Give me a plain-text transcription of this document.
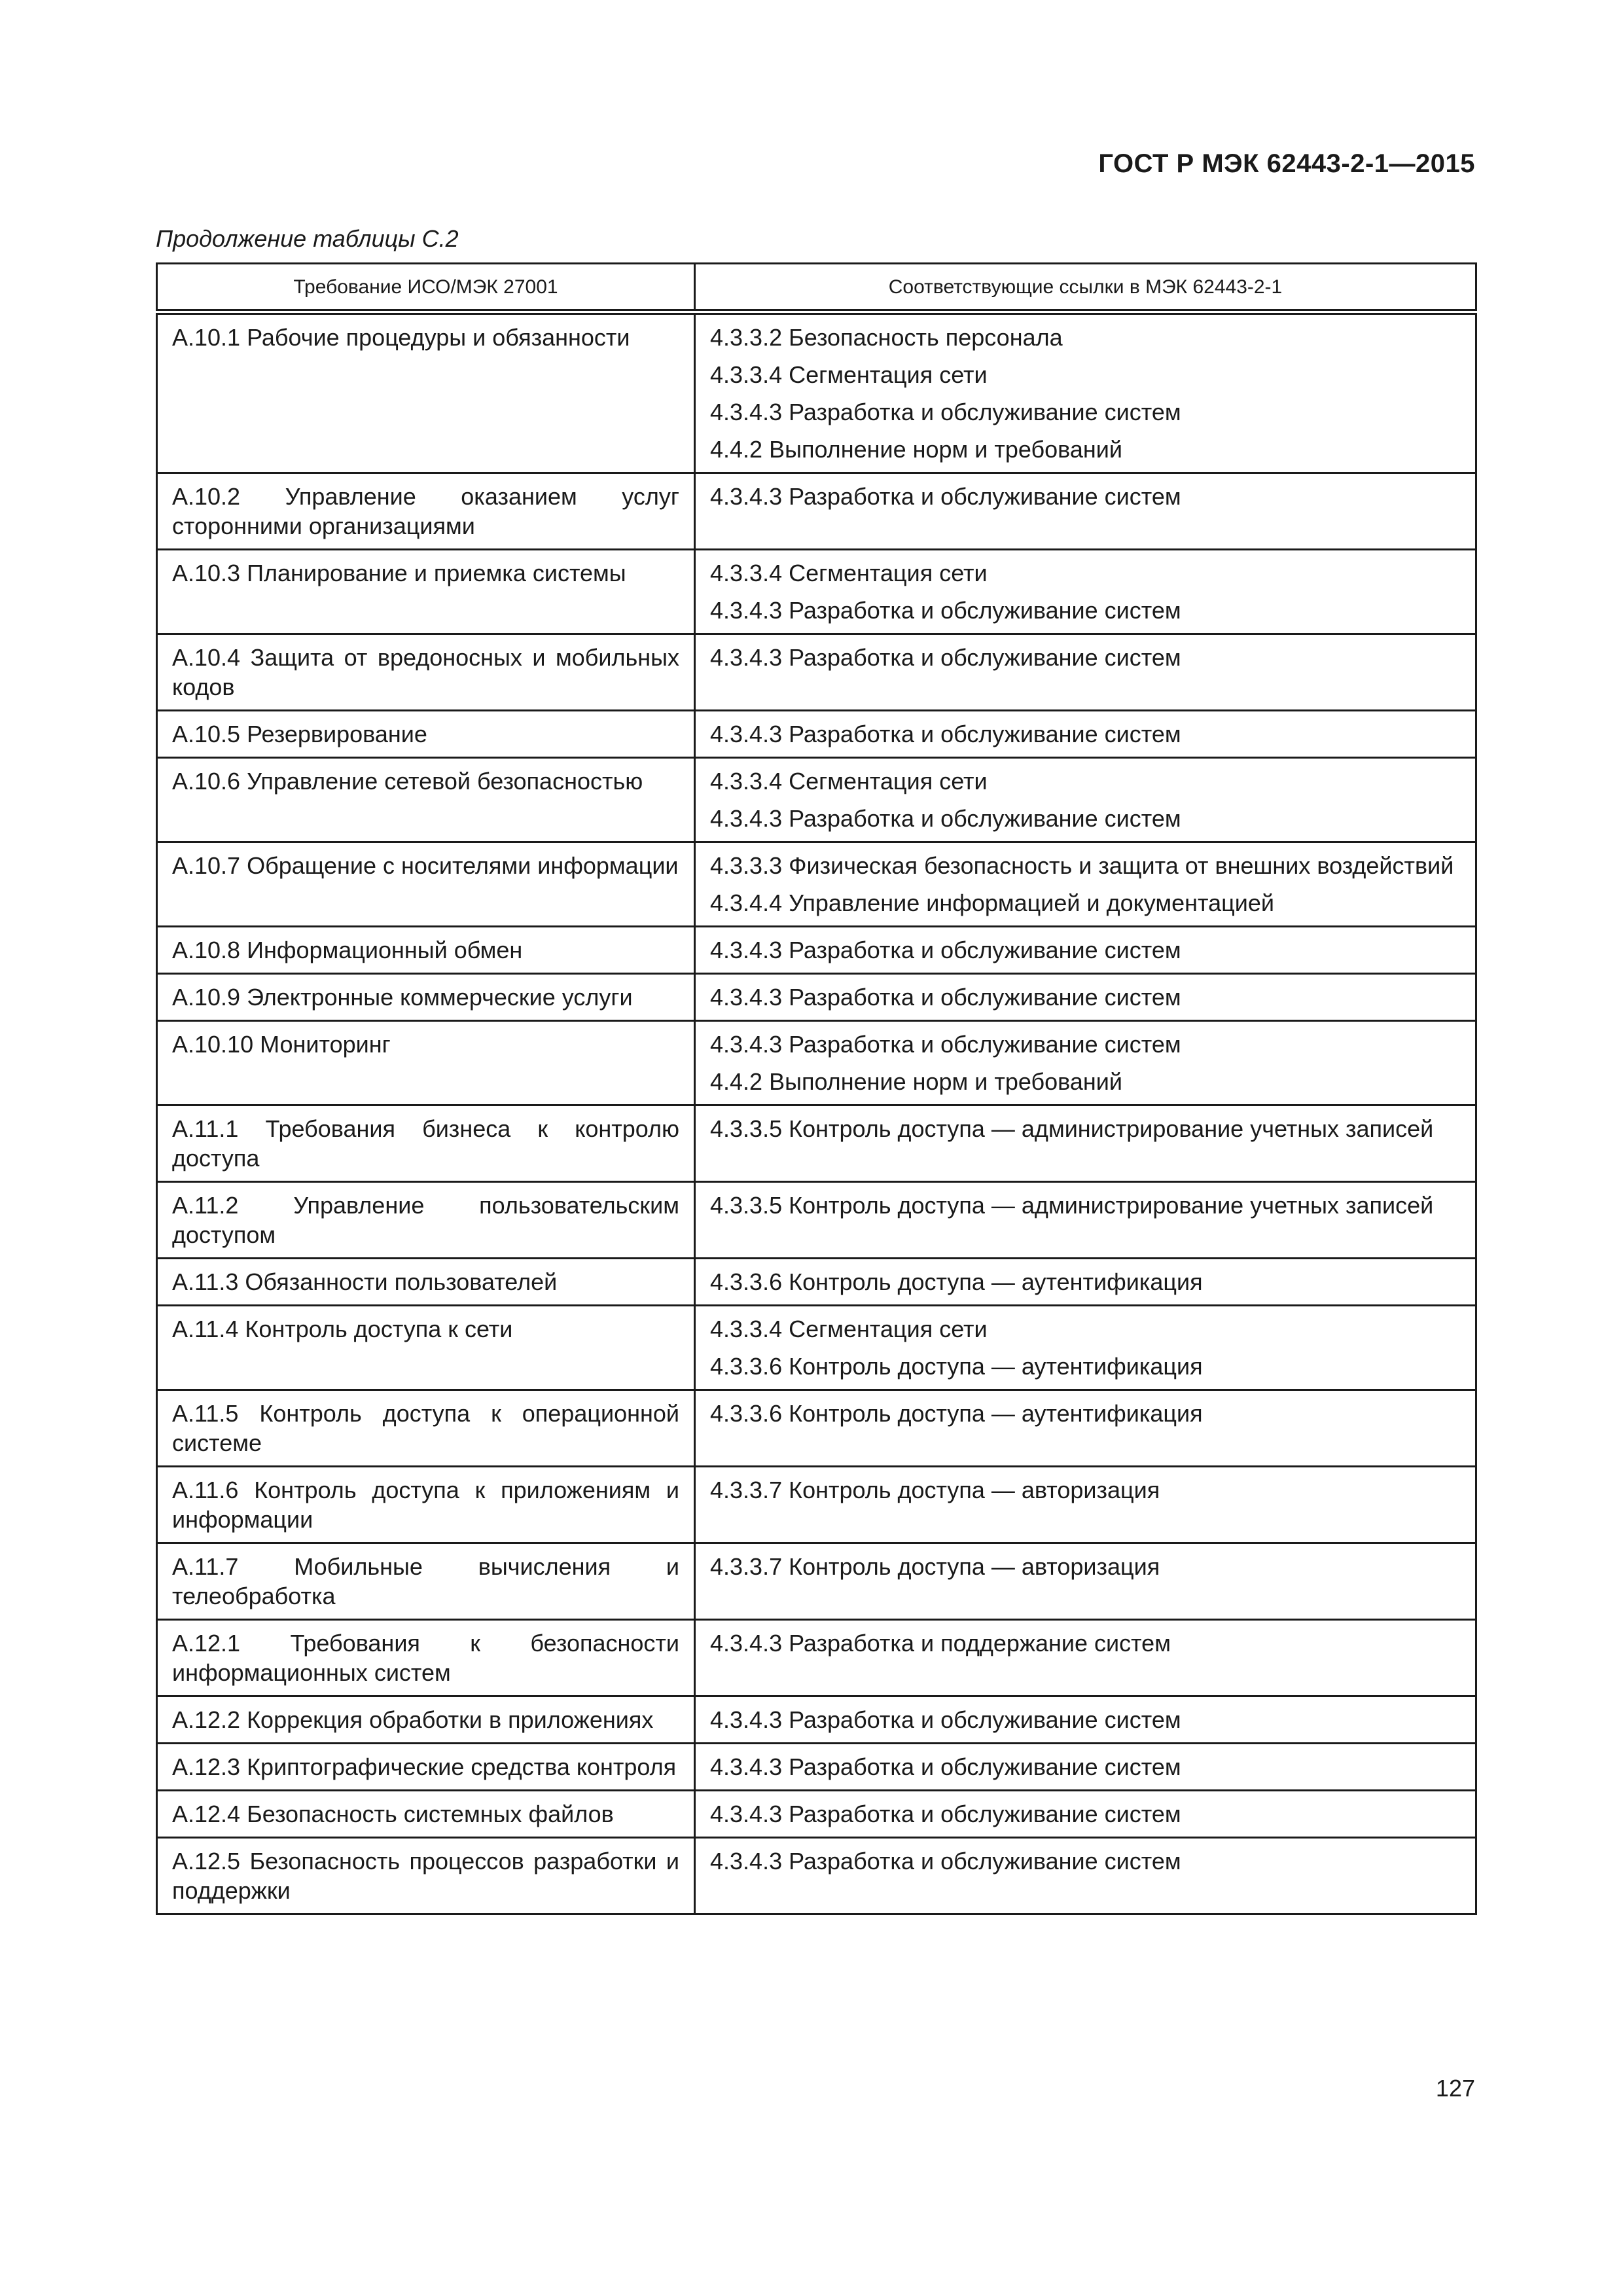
ГОСТ Р МЭК 62443-2-1—2015
Продолжение таблицы С.2
Требование ИСО/МЭК 27001	Соответствующие ссылки в МЭК 62443-2-1
А.10.1 Рабочие процедуры и обязанности	4.3.3.2 Безопасность персонала
4.3.3.4 Сегментация сети
4.3.4.3 Разработка и обслуживание систем
4.4.2 Выполнение норм и требований

А.10.2 Управление оказанием услуг сторонними организациями	4.3.4.3 Разработка и обслуживание систем

А.10.3 Планирование и приемка системы	4.3.3.4 Сегментация сети
4.3.4.3 Разработка и обслуживание систем

А.10.4 Защита от вредоносных и мобильных кодов	4.3.4.3 Разработка и обслуживание систем

А.10.5 Резервирование	4.3.4.3 Разработка и обслуживание систем

А.10.6 Управление сетевой безопасностью	4.3.3.4 Сегментация сети
4.3.4.3 Разработка и обслуживание систем

А.10.7 Обращение с носителями информации	4.3.3.3 Физическая безопасность и защита от внешних воздействий
4.3.4.4 Управление информацией и документацией

А.10.8 Информационный обмен	4.3.4.3 Разработка и обслуживание систем

А.10.9 Электронные коммерческие услуги	4.3.4.3 Разработка и обслуживание систем

А.10.10 Мониторинг	4.3.4.3 Разработка и обслуживание систем
4.4.2 Выполнение норм и требований

А.11.1 Требования бизнеса к контролю доступа	4.3.3.5 Контроль доступа — администрирование учетных записей

А.11.2 Управление пользовательским доступом	4.3.3.5 Контроль доступа — администрирование учетных записей

А.11.3 Обязанности пользователей	4.3.3.6 Контроль доступа — аутентификация

А.11.4 Контроль доступа к сети	4.3.3.4 Сегментация сети
4.3.3.6 Контроль доступа — аутентификация

А.11.5 Контроль доступа к операционной системе	4.3.3.6 Контроль доступа — аутентификация

А.11.6 Контроль доступа к приложениям и информации	4.3.3.7 Контроль доступа — авторизация

А.11.7 Мобильные вычисления и телеобработка	4.3.3.7 Контроль доступа — авторизация

А.12.1 Требования к безопасности информационных систем	4.3.4.3 Разработка и поддержание систем

А.12.2 Коррекция обработки в приложениях	4.3.4.3 Разработка и обслуживание систем

А.12.3 Криптографические средства контроля	4.3.4.3 Разработка и обслуживание систем

А.12.4 Безопасность системных файлов	4.3.4.3 Разработка и обслуживание систем

А.12.5 Безопасность процессов разработки и поддержки	4.3.4.3 Разработка и обслуживание систем
127
